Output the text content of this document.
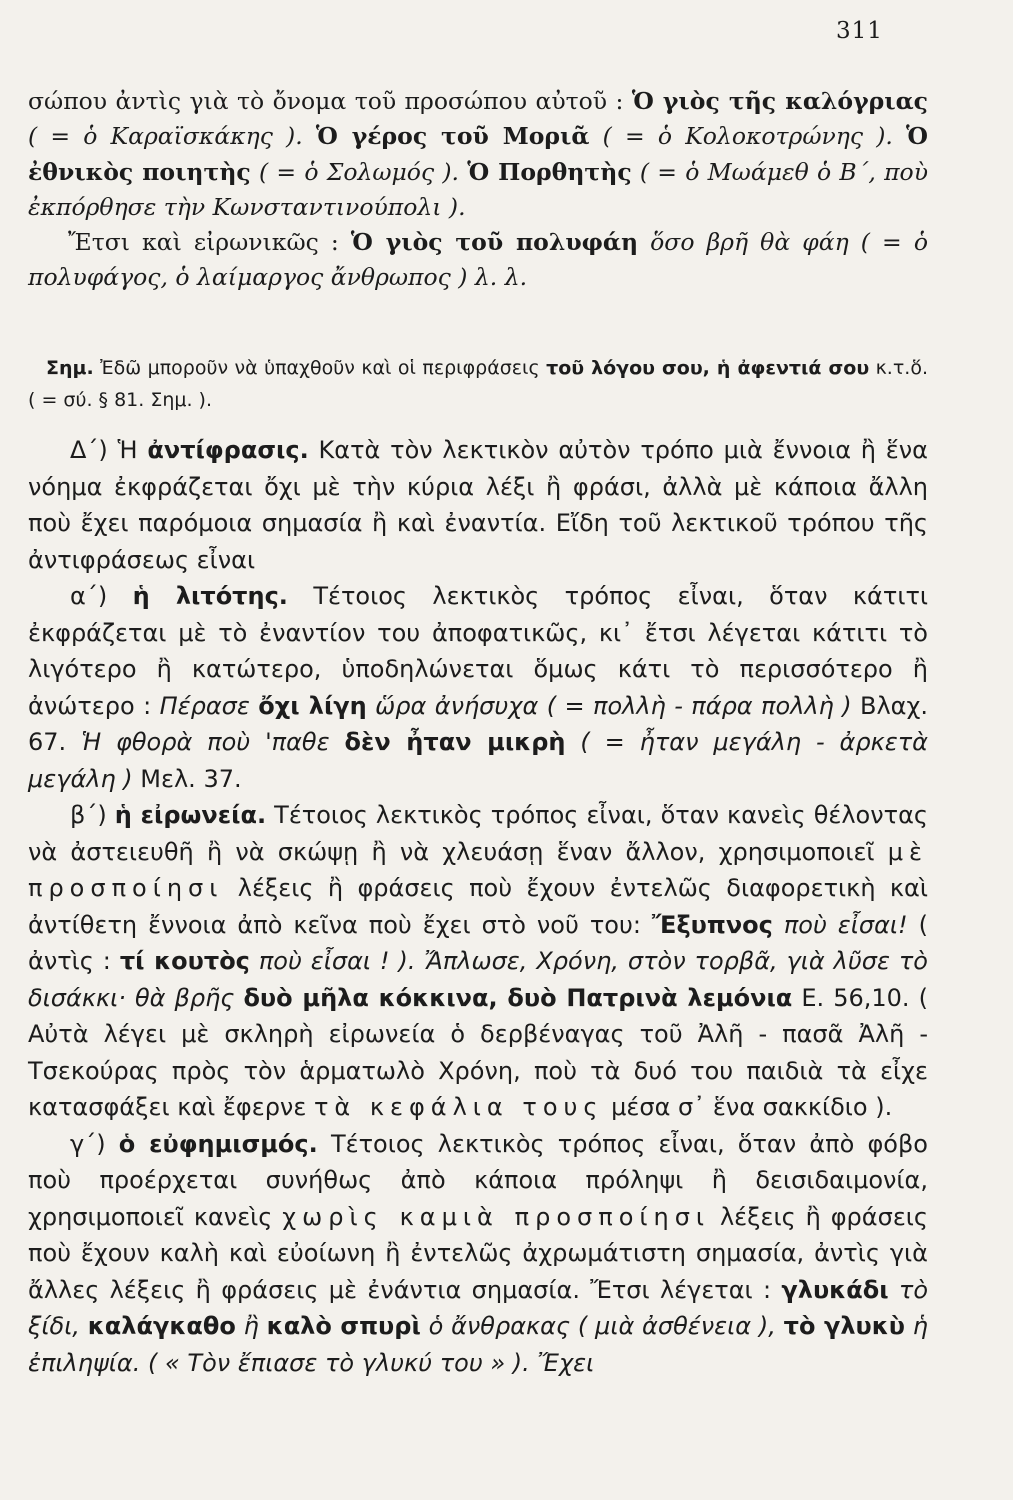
311

σώπου ἀντὶς γιὰ τὸ ὄνομα τοῦ προσώπου αὐτοῦ : Ὁ γιὸς τῆς καλόγριας ( = ὁ Καραϊσκάκης ). Ὁ γέρος τοῦ Μοριᾶ ( = ὁ Κολοκοτρώνης ). Ὁ ἐθνικὸς ποιητὴς ( = ὁ Σολωμός ). Ὁ Πορθητὴς ( = ὁ Μωάμεθ ὁ Β΄, ποὺ ἐκπόρθησε τὴν Κωνσταντινούπολι ).

Ἔτσι καὶ εἰρωνικῶς : Ὁ γιὸς τοῦ πολυφάη ὅσο βρῆ θὰ φάη ( = ὁ πολυφάγος, ὁ λαίμαργος ἄνθρωπος ) λ. λ.

Σημ. Ἐδῶ μποροῦν νὰ ὑπαχθοῦν καὶ οἱ περιφράσεις τοῦ λόγου σου, ἡ ἀφεντιά σου κ.τ.ὅ. ( = σύ. § 81. Σημ. ).

Δ΄) Ἡ ἀντίφρασις. Κατὰ τὸν λεκτικὸν αὐτὸν τρόπο μιὰ ἔννοια ἢ ἕνα νόημα ἐκφράζεται ὄχι μὲ τὴν κύρια λέξι ἢ φράσι, ἀλλὰ μὲ κάποια ἄλλη ποὺ ἔχει παρόμοια σημασία ἢ καὶ ἐναντία. Εἴδη τοῦ λεκτικοῦ τρόπου τῆς ἀντιφράσεως εἶναι

α΄) ἡ λιτότης. Τέτοιος λεκτικὸς τρόπος εἶναι, ὅταν κάτιτι ἐκφράζεται μὲ τὸ ἐναντίον του ἀποφατικῶς, κι᾽ ἔτσι λέγεται κάτιτι τὸ λιγότερο ἢ κατώτερο, ὑποδηλώνεται ὅμως κάτι τὸ περισσότερο ἢ ἀνώτερο : Πέρασε ὄχι λίγη ὥρα ἀνήσυχα ( = πολλὴ - πάρα πολλὴ ) Βλαχ. 67. Ἡ φθορὰ ποὺ 'παθε δὲν ἦταν μικρὴ ( = ἦταν μεγάλη - ἀρκετὰ μεγάλη ) Μελ. 37.

β΄) ἡ εἰρωνεία. Τέτοιος λεκτικὸς τρόπος εἶναι, ὅταν κανεὶς θέλοντας νὰ ἀστειευθῆ ἢ νὰ σκώψῃ ἢ νὰ χλευάσῃ ἕναν ἄλλον, χρησιμοποιεῖ μὲ προσποίησι λέξεις ἢ φράσεις ποὺ ἔχουν ἐντελῶς διαφορετικὴ καὶ ἀντίθετη ἔννοια ἀπὸ κεῖνα ποὺ ἔχει στὸ νοῦ του: Ἔξυπνος ποὺ εἶσαι! ( ἀντὶς : τί κουτὸς ποὺ εἶσαι ! ). Ἄπλωσε, Χρόνη, στὸν τορβᾶ, γιὰ λῦσε τὸ δισάκκι· θὰ βρῆς δυὸ μῆλα κόκκινα, δυὸ Πατρινὰ λεμόνια Ε. 56,10. ( Αὐτὰ λέγει μὲ σκληρὴ εἰρωνεία ὁ δερβέναγας τοῦ Ἀλῆ - πασᾶ Ἀλῆ - Τσεκούρας πρὸς τὸν ἁρματωλὸ Χρόνη, ποὺ τὰ δυό του παιδιὰ τὰ εἶχε κατασφάξει καὶ ἔφερνε τὰ κεφάλια τους μέσα σ᾽ ἕνα σακκίδιο ).

γ΄) ὁ εὐφημισμός. Τέτοιος λεκτικὸς τρόπος εἶναι, ὅταν ἀπὸ φόβο ποὺ προέρχεται συνήθως ἀπὸ κάποια πρόληψι ἢ δεισιδαιμονία, χρησιμοποιεῖ κανεὶς χωρὶς καμιὰ προσποίησι λέξεις ἢ φράσεις ποὺ ἔχουν καλὴ καὶ εὐοίωνη ἢ ἐντελῶς ἀχρωμάτιστη σημασία, ἀντὶς γιὰ ἄλλες λέξεις ἢ φράσεις μὲ ἐνάντια σημασία. Ἔτσι λέγεται : γλυκάδι τὸ ξίδι, καλάγκαθο ἢ καλὸ σπυρὶ ὁ ἄνθρακας ( μιὰ ἀσθένεια ), τὸ γλυκὺ ἡ ἐπιληψία. ( « Τὸν ἔπιασε τὸ γλυκύ του » ). Ἔχει
